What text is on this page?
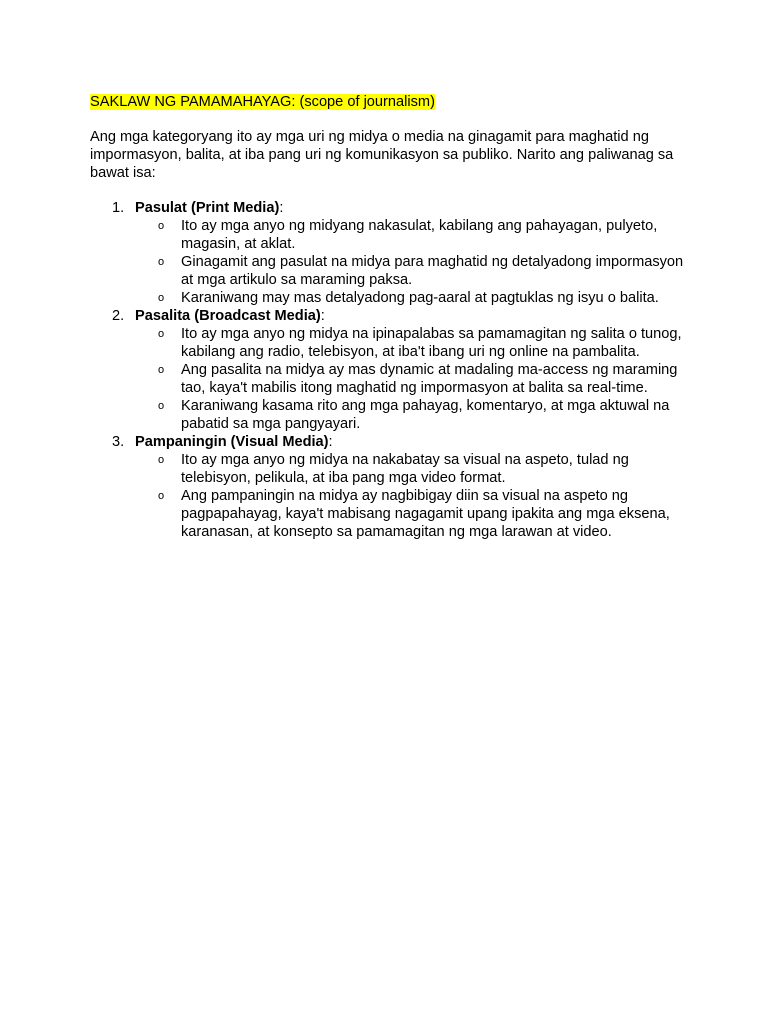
SAKLAW NG PAMAMAHAYAG: (scope of journalism)

Ang mga kategoryang ito ay mga uri ng midya o media na ginagamit para maghatid ng impormasyon, balita, at iba pang uri ng komunikasyon sa publiko. Narito ang paliwanag sa bawat isa:

1. Pasulat (Print Media):
o Ito ay mga anyo ng midyang nakasulat, kabilang ang pahayagan, pulyeto, magasin, at aklat.
o Ginagamit ang pasulat na midya para maghatid ng detalyadong impormasyon at mga artikulo sa maraming paksa.
o Karaniwang may mas detalyadong pag-aaral at pagtuklas ng isyu o balita.
2. Pasalita (Broadcast Media):
o Ito ay mga anyo ng midya na ipinapalabas sa pamamagitan ng salita o tunog, kabilang ang radio, telebisyon, at iba't ibang uri ng online na pambalita.
o Ang pasalita na midya ay mas dynamic at madaling ma-access ng maraming tao, kaya't mabilis itong maghatid ng impormasyon at balita sa real-time.
o Karaniwang kasama rito ang mga pahayag, komentaryo, at mga aktuwal na pabatid sa mga pangyayari.
3. Pampaningin (Visual Media):
o Ito ay mga anyo ng midya na nakabatay sa visual na aspeto, tulad ng telebisyon, pelikula, at iba pang mga video format.
o Ang pampaningin na midya ay nagbibigay diin sa visual na aspeto ng pagpapahayag, kaya't mabisang nagagamit upang ipakita ang mga eksena, karanasan, at konsepto sa pamamagitan ng mga larawan at video.
